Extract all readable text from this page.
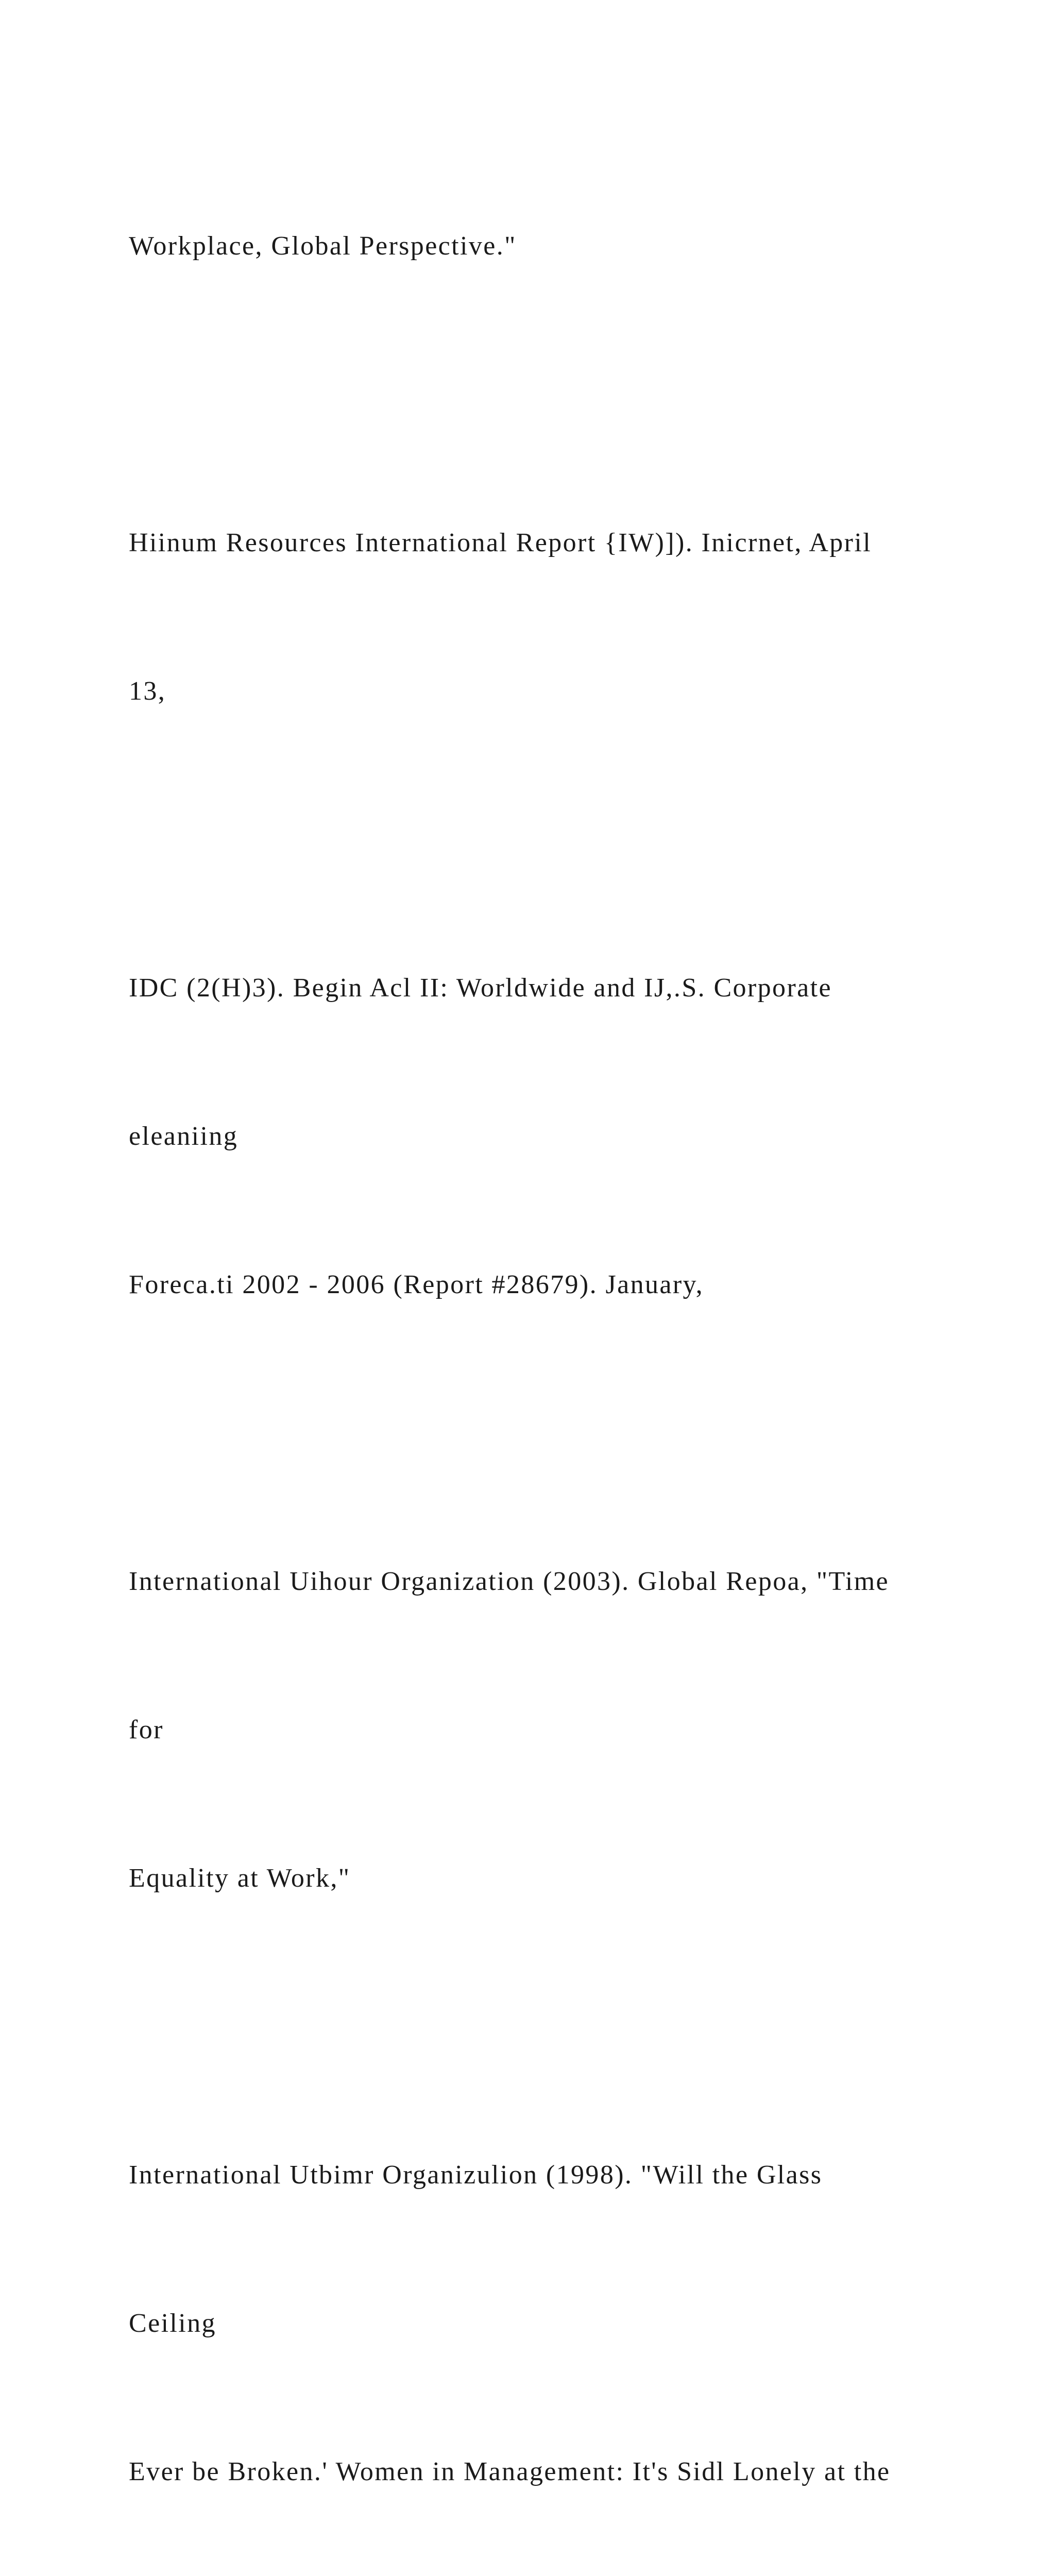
Workplace, Global Perspective."

Hiinum Resources International Report {IW)]). Inicrnet, April

13,

IDC (2(H)3). Begin Acl II: Worldwide and IJ,.S. Corporate

eleaniing

Foreca.ti 2002 - 2006 (Report #28679). January,

International Uihour Organization (2003). Global Repoa, "Time

for

Equality at Work,"

International Utbimr Organizulion (1998). "Will the Glass

Ceiling

Ever be Broken.' Women in Management: It's Sidl Lonely at the
